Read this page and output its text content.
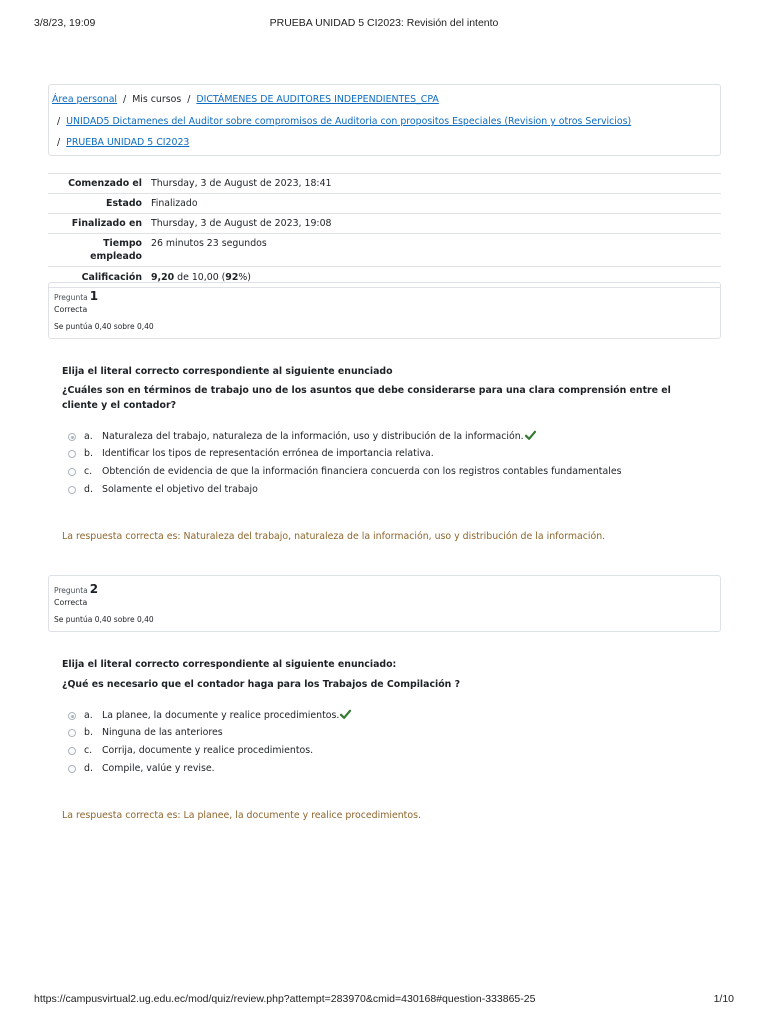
3/8/23, 19:09	PRUEBA UNIDAD 5 CI2023: Revisión del intento
Área personal / Mis cursos / DICTÁMENES DE AUDITORES INDEPENDIENTES_CPA
/ UNIDAD5 Dictamenes del Auditor sobre compromisos de Auditoria con propositos Especiales (Revision y otros Servicios)
/ PRUEBA UNIDAD 5 CI2023
Comenzado el	Thursday, 3 de August de 2023, 18:41
Estado	Finalizado
Finalizado en	Thursday, 3 de August de 2023, 19:08
Tiempo
empleado	26 minutos 23 segundos
Calificación	9,20 de 10,00 (92%)
Pregunta 1
Correcta
Se puntúa 0,40 sobre 0,40
Elija el literal correcto correspondiente al siguiente enunciado
¿Cuáles son en términos de trabajo uno de los asuntos que debe considerarse para una clara comprensión entre el cliente y el contador?
a. Naturaleza del trabajo, naturaleza de la información, uso y distribución de la información.
b. Identificar los tipos de representación errónea de importancia relativa.
c. Obtención de evidencia de que la información financiera concuerda con los registros contables fundamentales
d. Solamente el objetivo del trabajo
La respuesta correcta es: Naturaleza del trabajo, naturaleza de la información, uso y distribución de la información.
Pregunta 2
Correcta
Se puntúa 0,40 sobre 0,40
Elija el literal correcto correspondiente al siguiente enunciado:
¿Qué es necesario que el contador haga para los Trabajos de Compilación ?
a. La planee, la documente y realice procedimientos.
b. Ninguna de las anteriores
c. Corrija, documente y realice procedimientos.
d. Compile, valúe y revise.
La respuesta correcta es: La planee, la documente y realice procedimientos.
https://campusvirtual2.ug.edu.ec/mod/quiz/review.php?attempt=283970&cmid=430168#question-333865-25	1/10
